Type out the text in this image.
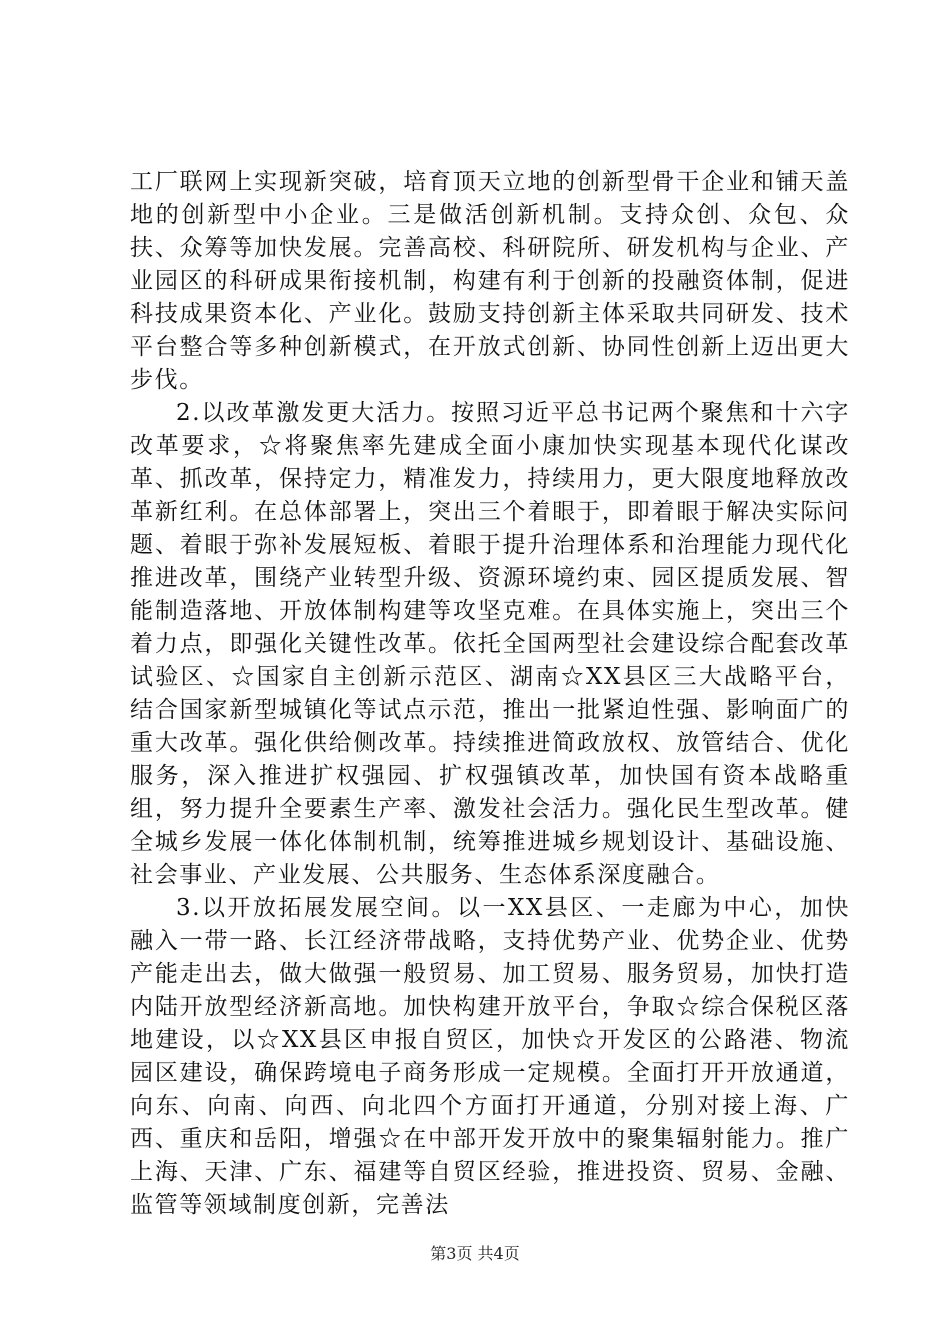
工厂联网上实现新突破，培育顶天立地的创新型骨干企业和铺天盖地的创新型中小企业。三是做活创新机制。支持众创、众包、众扶、众筹等加快发展。完善高校、科研院所、研发机构与企业、产业园区的科研成果衔接机制，构建有利于创新的投融资体制，促进科技成果资本化、产业化。鼓励支持创新主体采取共同研发、技术平台整合等多种创新模式，在开放式创新、协同性创新上迈出更大步伐。

2.以改革激发更大活力。按照习近平总书记两个聚焦和十六字改革要求，☆将聚焦率先建成全面小康加快实现基本现代化谋改革、抓改革，保持定力，精准发力，持续用力，更大限度地释放改革新红利。在总体部署上，突出三个着眼于，即着眼于解决实际问题、着眼于弥补发展短板、着眼于提升治理体系和治理能力现代化推进改革，围绕产业转型升级、资源环境约束、园区提质发展、智能制造落地、开放体制构建等攻坚克难。在具体实施上，突出三个着力点，即强化关键性改革。依托全国两型社会建设综合配套改革试验区、☆国家自主创新示范区、湖南☆XX县区三大战略平台，结合国家新型城镇化等试点示范，推出一批紧迫性强、影响面广的重大改革。强化供给侧改革。持续推进简政放权、放管结合、优化服务，深入推进扩权强园、扩权强镇改革，加快国有资本战略重组，努力提升全要素生产率、激发社会活力。强化民生型改革。健全城乡发展一体化体制机制，统筹推进城乡规划设计、基础设施、社会事业、产业发展、公共服务、生态体系深度融合。

3.以开放拓展发展空间。以一XX县区、一走廊为中心，加快融入一带一路、长江经济带战略，支持优势产业、优势企业、优势产能走出去，做大做强一般贸易、加工贸易、服务贸易，加快打造内陆开放型经济新高地。加快构建开放平台，争取☆综合保税区落地建设，以☆XX县区申报自贸区，加快☆开发区的公路港、物流园区建设，确保跨境电子商务形成一定规模。全面打开开放通道，向东、向南、向西、向北四个方面打开通道，分别对接上海、广西、重庆和岳阳，增强☆在中部开发开放中的聚集辐射能力。推广上海、天津、广东、福建等自贸区经验，推进投资、贸易、金融、监管等领域制度创新，完善法

第3页 共4页
